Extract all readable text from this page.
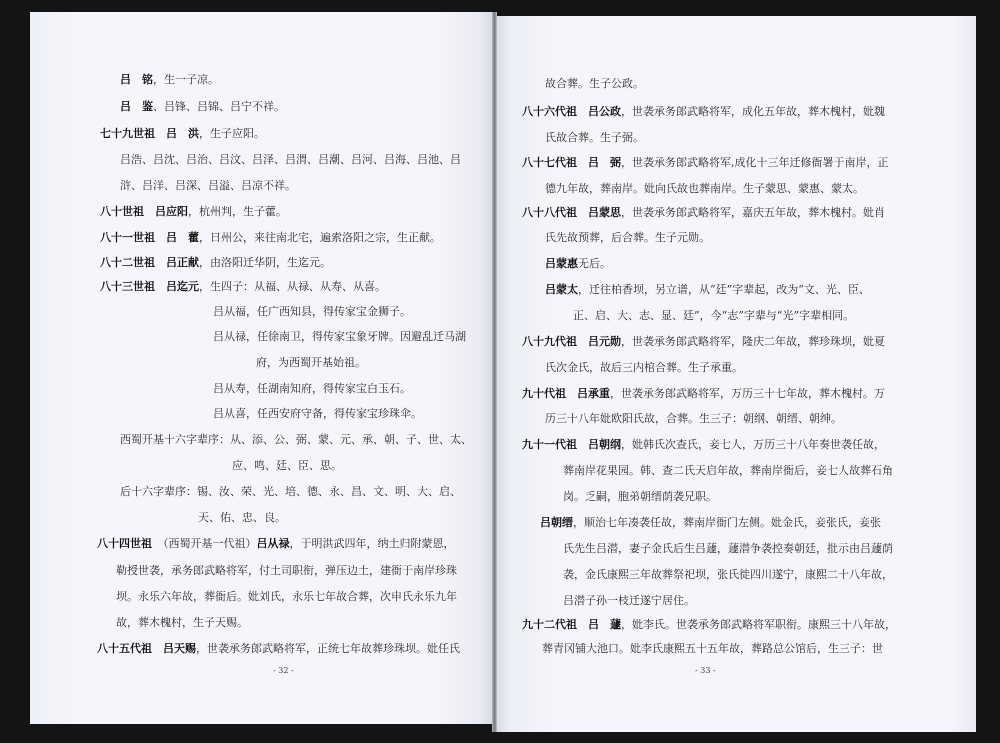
- 32 -
吕　铭，生一子凉。
吕　鉴、吕锋、吕锦、吕宁不祥。
七十九世祖　吕　洪，生子应阳。
吕浩、吕沈、吕治、吕汶、吕泽、吕渭、吕潮、吕河、吕海、吕池、吕
浒、吕洋、吕深、吕溢、吕凉不祥。
八十世祖　吕应阳，杭州判，生子藿。
八十一世祖　吕　藿，日州公，来往南北宅，遍索洛阳之宗，生正献。
八十二世祖　吕正献，由洛阳迁华阴，生迄元。
八十三世祖　吕迄元，生四子：从福、从禄、从寿、从喜。
吕从福，任广西知县，得传家宝金狮子。
吕从禄，任徐南卫，得传家宝象牙牌。因避乱迁马湖
府，为西蜀开基始祖。
吕从寿，任湖南知府，得传家宝白玉石。
吕从喜，任西安府守备，得传家宝珍珠伞。
西蜀开基十六字辈序：从、添、公、弼、蒙、元、承、朝、子、世、太、
应、鸣、廷、臣、思。
后十六字辈序：锡、汝、荣、光、培、德、永、昌、文、明、大、启、
天、佑、忠、良。
八十四世祖　（西蜀开基一代祖）吕从禄，于明洪武四年，纳土归附蒙恩，
勒授世袭，承务郎武略将军，付土司职衔，弹压边土，建衙于南岸珍珠
坝。永乐六年故，葬衙后。妣刘氏，永乐七年故合葬，次申氏永乐九年
故，葬木槐村，生子天赐。
八十五代祖　吕天赐，世袭承务郎武略将军，正统七年故葬珍珠坝。妣任氏
- 33 -
故合葬。生子公政。
八十六代祖　吕公政，世袭承务郎武略将军，成化五年故，葬木槐村，妣魏
氏故合葬。生子弼。
八十七代祖　吕　弼，世袭承务郎武略将军,成化十三年迁修衙署于南岸，正
德九年故，葬南岸。妣向氏故也葬南岸。生子蒙思、蒙惠、蒙太。
八十八代祖　吕蒙思，世袭承务郎武略将军，嘉庆五年故，葬木槐村。妣肖
氏先故预葬，后合葬。生子元勋。
吕蒙惠无后。
吕蒙太，迁往柏香坝，另立谱，从“廷”字辈起，改为“文、光、臣、
正、启、大、志、显、廷”，今“志”字辈与“光”字辈相同。
八十九代祖　吕元勋，世袭承务郎武略将军，隆庆二年故，葬珍珠坝，妣夏
氏次金氏，故后三内棺合葬。生子承重。
九十代祖　吕承重，世袭承务郎武略将军，万历三十七年故，葬木槐村。万
历三十八年妣欧阳氏故，合葬。生三子：朝纲、朝缙、朝绅。
九十一代祖　吕朝纲，妣韩氏次查氏，妾七人，万历三十八年奏世袭任故，
葬南岸花果园。韩、查二氏天启年故，葬南岸衙后，妾七人故葬石角
岗。乏嗣，胞弟朝缙荫袭兄职。
吕朝缙，顺治七年凑袭任故，葬南岸衙门左侧。妣金氏，妾张氏，妾张
氏先生吕潜，妻子金氏后生吕蘧，蘧潜争袭控奏朝廷，批示由吕蘧荫
袭，金氏康熙三年故葬祭祀坝，张氏徙四川遂宁，康熙二十八年故，
吕潜子孙一枝迁遂宁居住。
九十二代祖　吕　蘧，妣李氏。世袭承务郎武略将军职衔。康熙三十八年故，
葬青冈铺大池口。妣李氏康熙五十五年故，葬路总公馆后，生三子：世
